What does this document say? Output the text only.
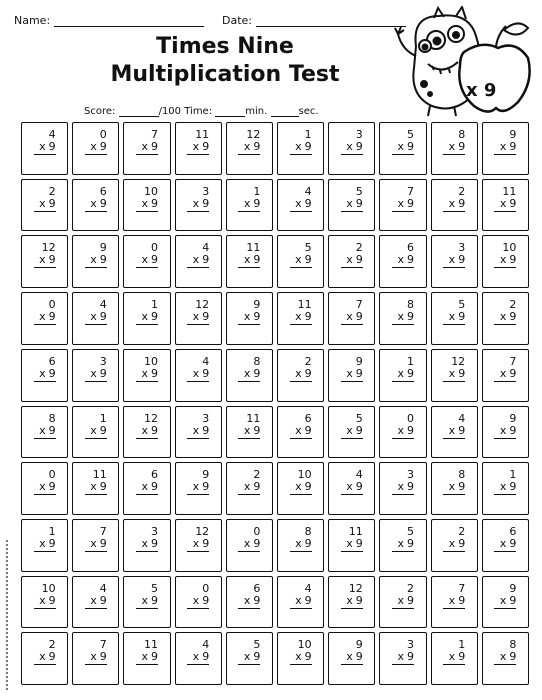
Name:	Date:
Times Nine
Multiplication Test
Score:	/100 Time:	min.	sec.
x 9
4
x 9
0
x 9
7
x 9
11
x 9
12
x 9
1
x 9
3
x 9
5
x 9
8
x 9
9
x 9
2
x 9
6
x 9
10
x 9
3
x 9
1
x 9
4
x 9
5
x 9
7
x 9
2
x 9
11
x 9
12
x 9
9
x 9
0
x 9
4
x 9
11
x 9
5
x 9
2
x 9
6
x 9
3
x 9
10
x 9
0
x 9
4
x 9
1
x 9
12
x 9
9
x 9
11
x 9
7
x 9
8
x 9
5
x 9
2
x 9
6
x 9
3
x 9
10
x 9
4
x 9
8
x 9
2
x 9
9
x 9
1
x 9
12
x 9
7
x 9
8
x 9
1
x 9
12
x 9
3
x 9
11
x 9
6
x 9
5
x 9
0
x 9
4
x 9
9
x 9
0
x 9
11
x 9
6
x 9
9
x 9
2
x 9
10
x 9
4
x 9
3
x 9
8
x 9
1
x 9
1
x 9
7
x 9
3
x 9
12
x 9
0
x 9
8
x 9
11
x 9
5
x 9
2
x 9
6
x 9
10
x 9
4
x 9
5
x 9
0
x 9
6
x 9
4
x 9
12
x 9
2
x 9
7
x 9
9
x 9
2
x 9
7
x 9
11
x 9
4
x 9
5
x 9
10
x 9
9
x 9
3
x 9
1
x 9
8
x 9
